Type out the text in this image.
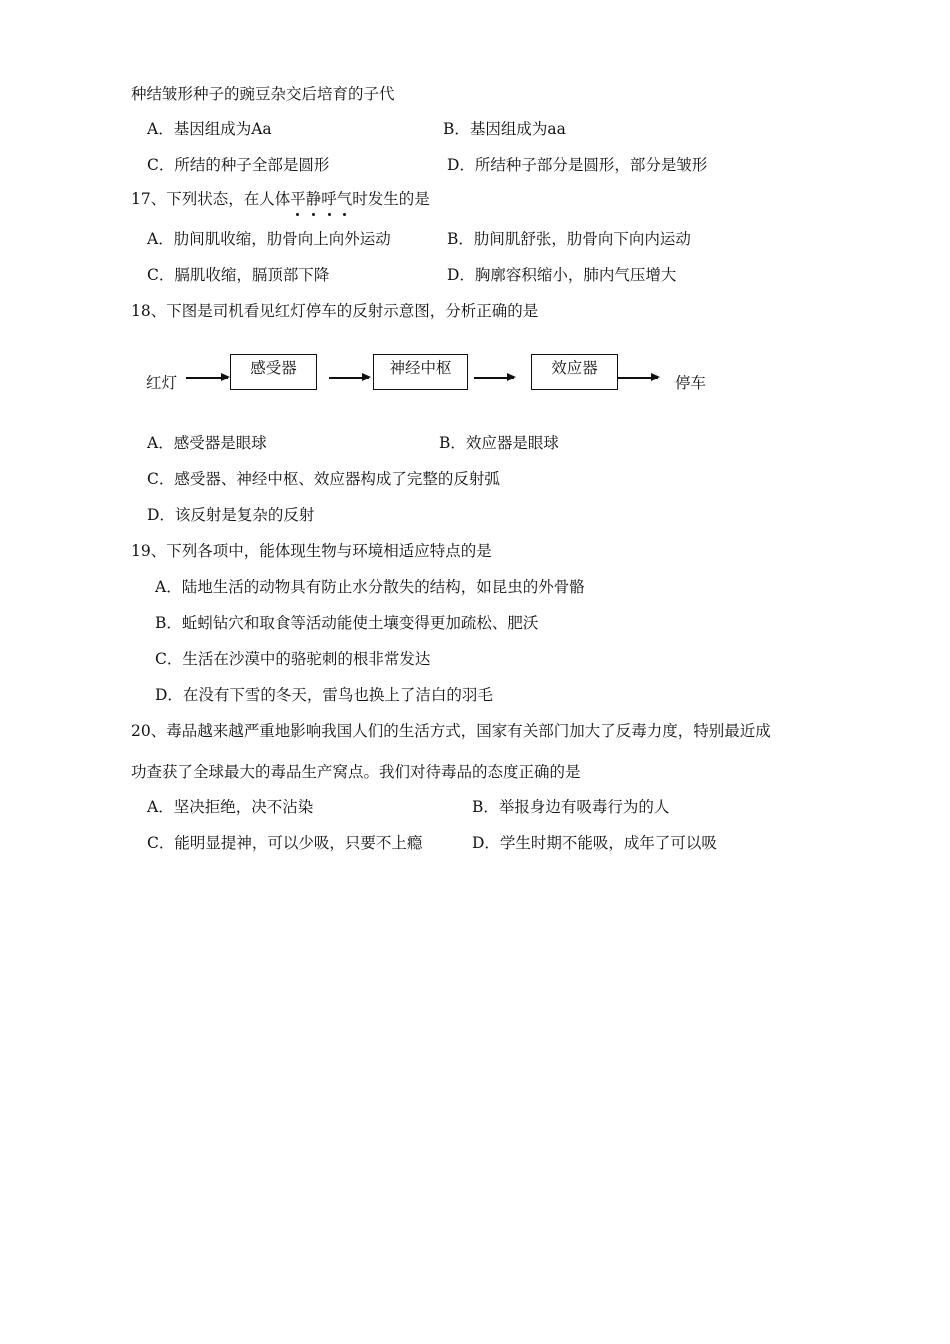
种结皱形种子的豌豆杂交后培育的子代
A．基因组成为Aa	B．基因组成为aa
C．所结的种子全部是圆形	D．所结种子部分是圆形，部分是皱形
17、下列状态，在人体平静呼气时发生的是
A．肋间肌收缩，肋骨向上向外运动	B．肋间肌舒张，肋骨向下向内运动
C．膈肌收缩，膈顶部下降	D．胸廓容积缩小，肺内气压增大
18、下图是司机看见红灯停车的反射示意图，分析正确的是
红灯
感受器	神经中枢	效应器
停车
A．感受器是眼球	B．效应器是眼球
C．感受器、神经中枢、效应器构成了完整的反射弧
D．该反射是复杂的反射
19、下列各项中，能体现生物与环境相适应特点的是
A．陆地生活的动物具有防止水分散失的结构，如昆虫的外骨骼
B．蚯蚓钻穴和取食等活动能使土壤变得更加疏松、肥沃
C．生活在沙漠中的骆驼刺的根非常发达
D．在没有下雪的冬天，雷鸟也换上了洁白的羽毛
20、毒品越来越严重地影响我国人们的生活方式，国家有关部门加大了反毒力度，特别最近成
功查获了全球最大的毒品生产窝点。我们对待毒品的态度正确的是
A．坚决拒绝，决不沾染	B．举报身边有吸毒行为的人
C．能明显提神，可以少吸，只要不上瘾	D．学生时期不能吸，成年了可以吸
